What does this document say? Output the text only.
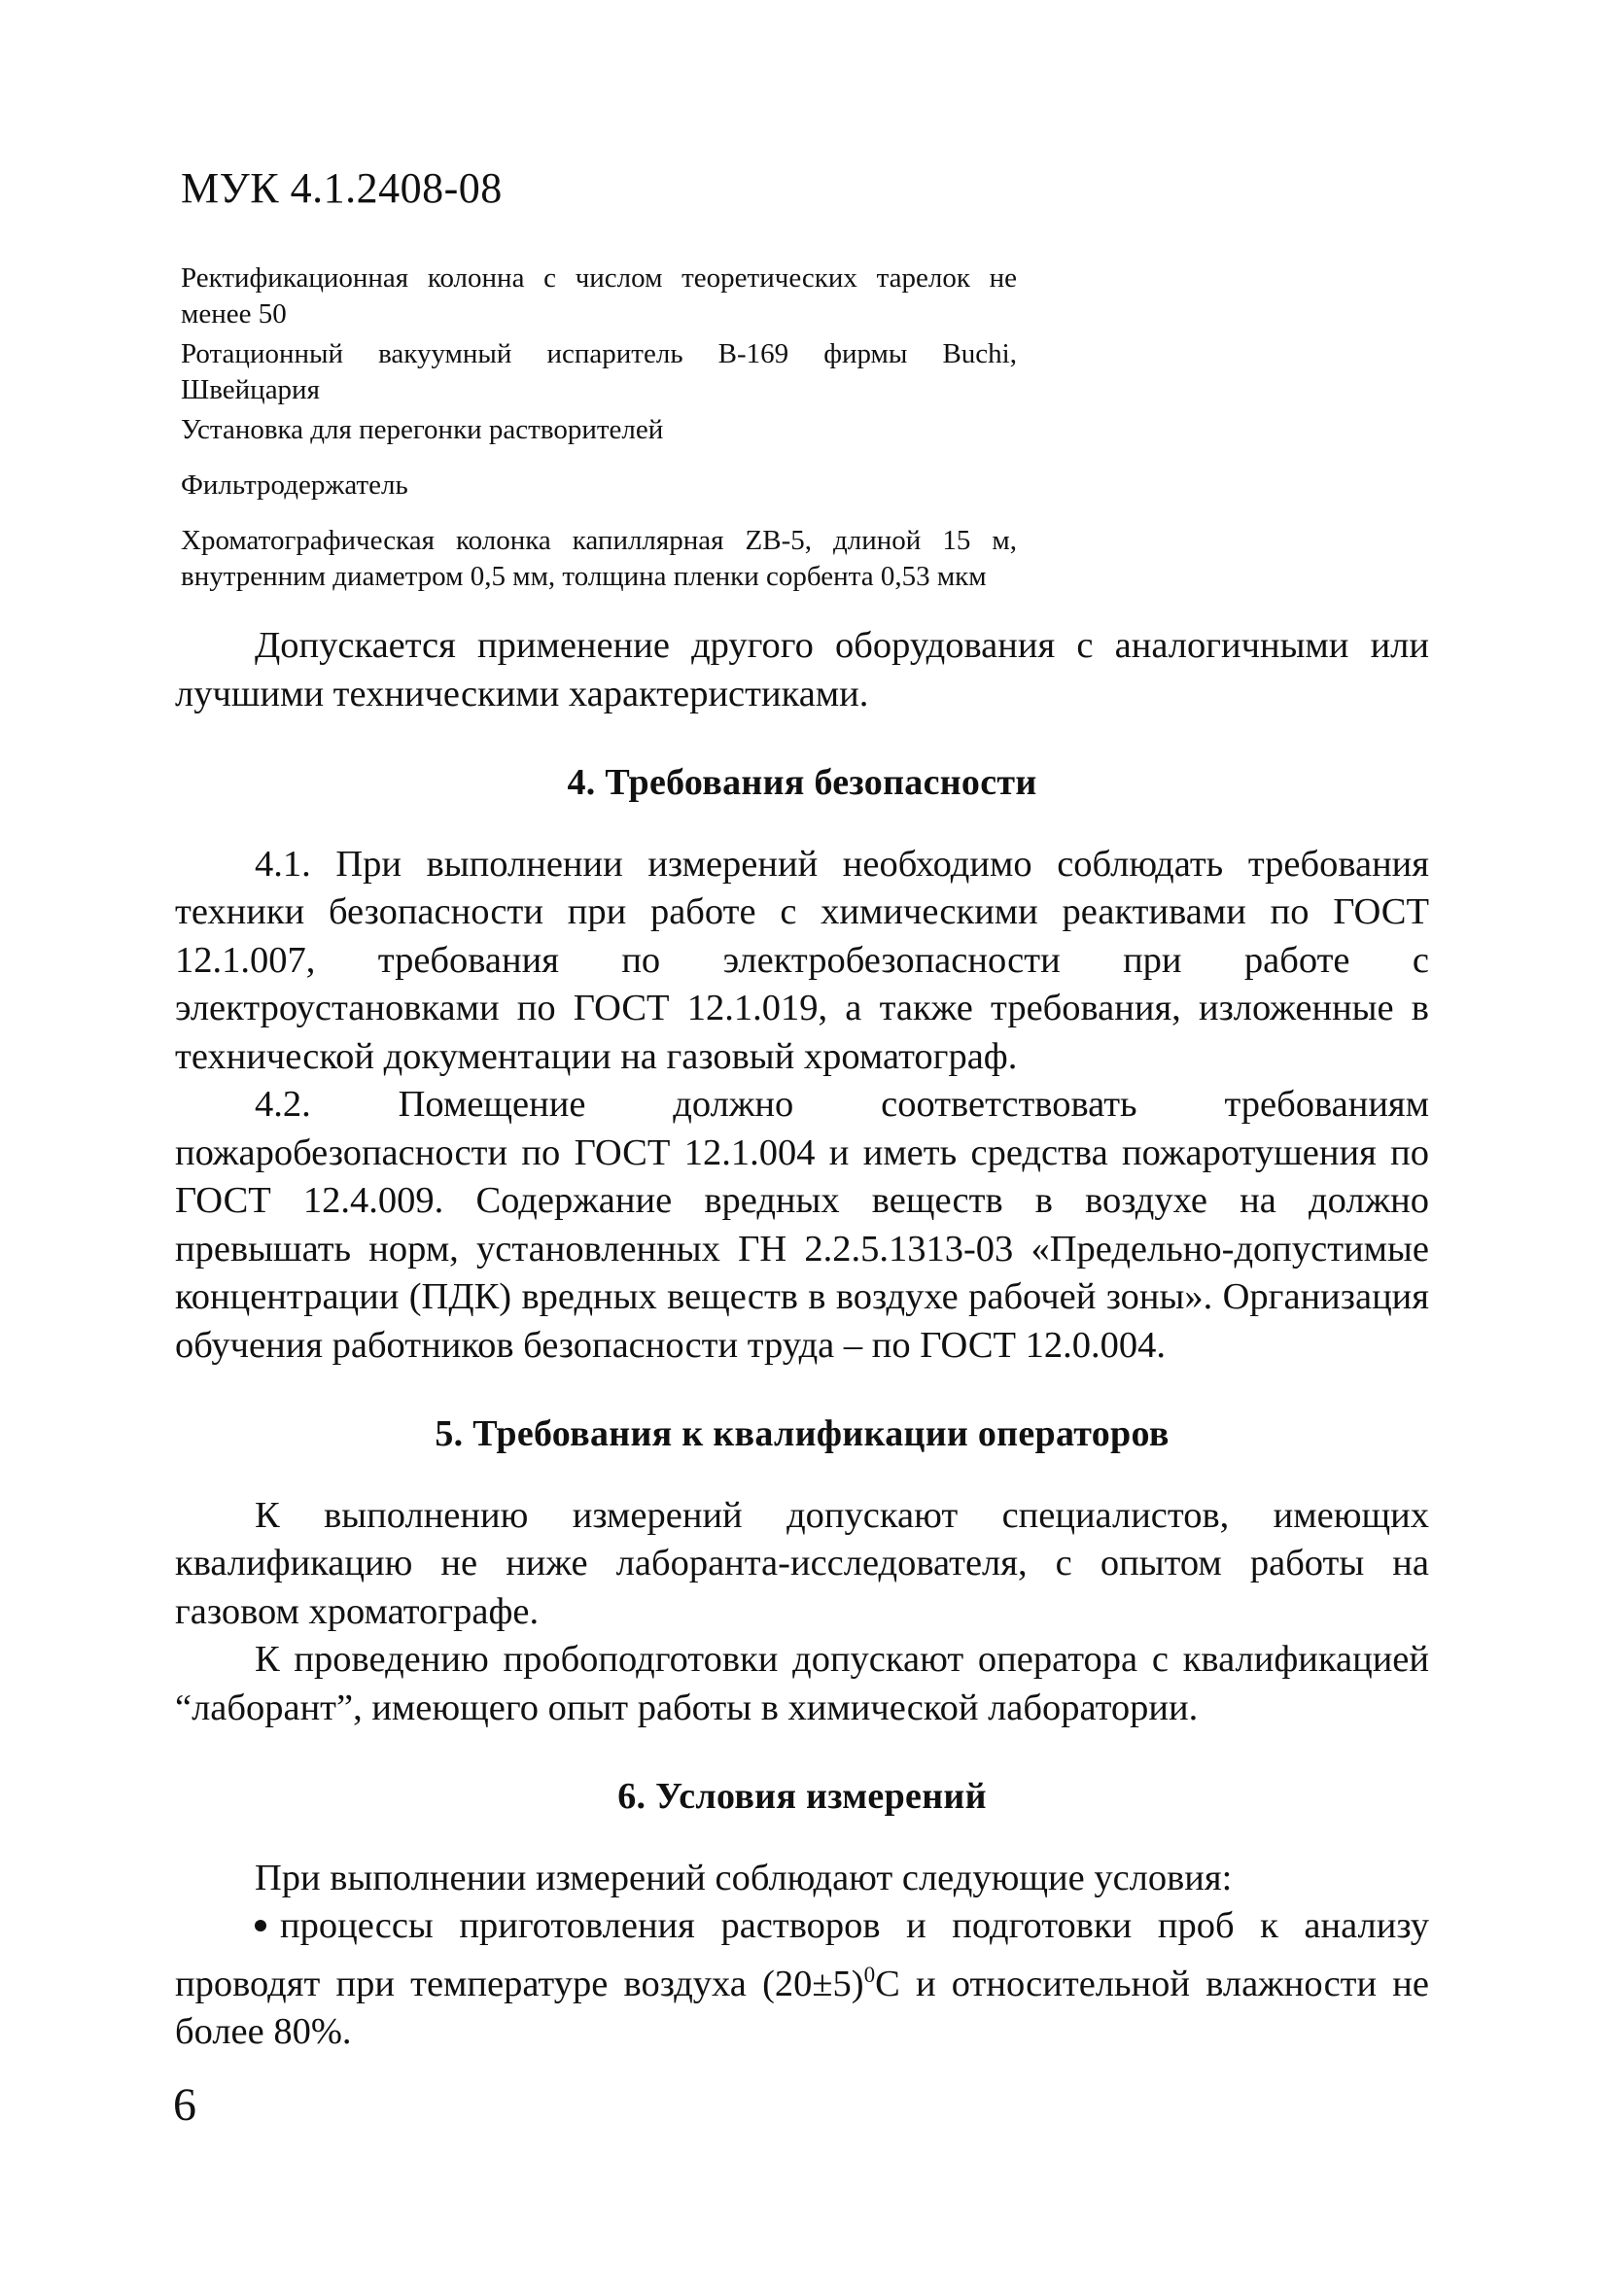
МУК 4.1.2408-08
Ректификационная колонна с числом теоретических тарелок не менее 50
Ротационный вакуумный испаритель В-169 фирмы Buchi, Швейцария
Установка для перегонки растворителей
Фильтродержатель
Хроматографическая колонка капиллярная ZB-5, длиной 15 м, внутренним диаметром 0,5 мм, толщина пленки сорбента 0,53 мкм

Допускается применение другого оборудования с аналогичными или лучшими техническими характеристиками.

4. Требования безопасности

4.1. При выполнении измерений необходимо соблюдать требования техники безопасности при работе с химическими реактивами по ГОСТ 12.1.007, требования по электробезопасности при работе с электроустановками по ГОСТ 12.1.019, а также требования, изложенные в технической документации на газовый хроматограф.

4.2. Помещение должно соответствовать требованиям пожаробезопасности по ГОСТ 12.1.004 и иметь средства пожаротушения по ГОСТ 12.4.009. Содержание вредных веществ в воздухе на должно превышать норм, установленных ГН 2.2.5.1313-03 «Предельно-допустимые концентрации (ПДК) вредных веществ в воздухе рабочей зоны». Организация обучения работников безопасности труда – по ГОСТ 12.0.004.

5. Требования к квалификации операторов

К выполнению измерений допускают специалистов, имеющих квалификацию не ниже лаборанта-исследователя, с опытом работы на газовом хроматографе.

К проведению пробоподготовки допускают оператора с квалификацией “лаборант”, имеющего опыт работы в химической лаборатории.

6. Условия измерений

При выполнении измерений соблюдают следующие условия:

процессы приготовления растворов и подготовки проб к анализу проводят при температуре воздуха $(20\pm 5)^0С$ и относительной влажности не более 80%.

6
